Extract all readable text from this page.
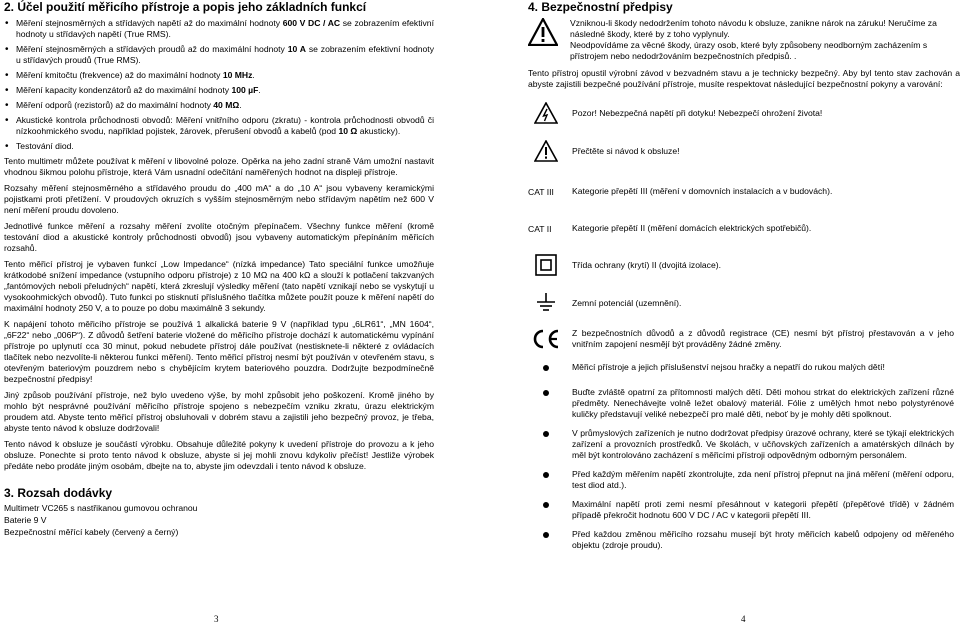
2. Účel použití měřicího přístroje a popis jeho základních funkcí
• Měření stejnosměrných a střídavých napětí až do maximální hodnoty 600 V DC / AC se zobrazením efektivní hodnoty u střídavých napětí (True RMS).
• Měření stejnosměrných a střídavých proudů až do maximální hodnoty 10 A se zobrazením efektivní hodnoty u střídavých proudů (True RMS).
• Měření kmitočtu (frekvence) až do maximální hodnoty 10 MHz.
• Měření kapacity kondenzátorů až do maximální hodnoty 100 µF.
• Měření odporů (rezistorů) až do maximální hodnoty 40 MΩ.
• Akustické kontrola průchodnosti obvodů: Měření vnitřního odporu (zkratu) - kontrola průchodnosti obvodů či nízkoohmického svodu, například pojistek, žárovek, přerušení obvodů a kabelů (pod 10 Ω akusticky).
• Testování diod.

Tento multimetr můžete používat k měření v libovolné poloze. Opěrka na jeho zadní straně Vám umožní nastavit vhodnou šikmou polohu přístroje, která Vám usnadní odečítání naměřených hodnot na displeji přístroje.

Rozsahy měření stejnosměrného a střídavého proudu do „400 mA“ a do „10 A“ jsou vybaveny keramickými pojistkami proti přetížení. V proudových okruzích s vyšším stejnosměrným nebo střídavým napětím než 600 V není měření proudu dovoleno.

Jednotlivé funkce měření a rozsahy měření zvolíte otočným přepínačem. Všechny funkce měření (kromě testování diod a akustické kontroly průchodnosti obvodů) jsou vybaveny automatickým přepínáním měřicích rozsahů.

Tento měřicí přístroj je vybaven funkcí „Low Impedance“ (nízká impedance) Tato speciální funkce umožňuje krátkodobé snížení impedance (vstupního odporu přístroje) z 10 MΩ na 400 kΩ a slouží k potlačení takzvaných „fantómových neboli přeludných“ napětí, která zkreslují výsledky měření (tato napětí vznikají nebo se vyskytují u vysokoohmických obvodů). Tuto funkci po stisknutí příslušného tlačítka můžete použít pouze k měření napětí do maximální hodnoty 250 V, a to pouze po dobu maximálně 3 sekundy.

K napájení tohoto měřicího přístroje se používá 1 alkalická baterie 9 V (například typu „6LR61“, „MN 1604“, „6F22“ nebo „006P“). Z důvodů šetření baterie vložené do měřicího přístroje dochází k automatickému vypínání přístroje po uplynutí cca 30 minut, pokud nebudete přístroj dále používat (nestisknete-li některé z ovládacích tlačítek nebo nezvolíte-li některou funkci měření). Tento měřicí přístroj nesmí být používán v otevřeném stavu, s otevřeným bateriovým pouzdrem nebo s chybějícím krytem bateriového pouzdra. Dodržujte bezpodmínečně bezpečnostní předpisy!

Jiný způsob používání přístroje, než bylo uvedeno výše, by mohl způsobit jeho poškození. Kromě jiného by mohlo být nesprávné používání měřicího přístroje spojeno s nebezpečím vzniku zkratu, úrazu elektrickým proudem atd. Abyste tento měřicí přístroj obsluhovali v dobrém stavu a zajistili jeho bezpečný provoz, je třeba, abyste tento návod k obsluze dodržovali!

Tento návod k obsluze je součástí výrobku. Obsahuje důležité pokyny k uvedení přístroje do provozu a k jeho obsluze. Ponechte si proto tento návod k obsluze, abyste si jej mohli znovu kdykoliv přečíst! Jestliže výrobek předáte nebo prodáte jiným osobám, dbejte na to, abyste jim odevzdali i tento návod k obsluze.

3. Rozsah dodávky

Multimetr VC265 s nastřikanou gumovou ochranou

Baterie 9 V

Bezpečnostní měřící kabely (červený a černý)

3
4. Bezpečnostní předpisy
Vzniknou-li škody nedodržením tohoto návodu k obsluze, zanikne nárok na záruku! Neručíme za následné škody, které by z toho vyplynuly.
Neodpovídáme za věcné škody, úrazy osob, které byly způsobeny neodborným zacházením s přístrojem nebo nedodržováním bezpečnostních předpisů. .

Tento přístroj opustil výrobní závod v bezvadném stavu a je technicky bezpečný. Aby byl tento stav zachován a abyste zajistili bezpečné používání přístroje, musíte respektovat následující bezpečnostní pokyny a varování:

Pozor! Nebezpečná napětí při dotyku! Nebezpečí ohrožení života!
Přečtěte si návod k obsluze!
CAT III	Kategorie přepětí III (měření v domovních instalacích a v budovách).
CAT II	Kategorie přepětí II (měření domácích elektrických spotřebičů).
Třída ochrany (krytí) II (dvojitá izolace).
Zemní potenciál (uzemnění).
Z bezpečnostních důvodů a z důvodů registrace (CE) nesmí být přístroj přestavován a v jeho vnitřním zapojení nesmějí být prováděny žádné změny.
Měřicí přístroje a jejich příslušenství nejsou hračky a nepatří do rukou malých dětí!
Buďte zvláště opatrní za přítomnosti malých dětí. Děti mohou strkat do elektrických zařízení různé předměty. Nenechávejte volně ležet obalový materiál. Fólie z umělých hmot nebo polystyrénové kuličky představují veliké nebezpečí pro malé děti, neboť by je mohly děti spolknout.
V průmyslových zařízeních je nutno dodržovat předpisy úrazové ochrany, které se týkají elektrických zařízení a provozních prostředků. Ve školách, v učňovských zařízeních a amatérských dílnách by měl být kontrolováno zacházení s měřicími přístroji odpovědným odborným personálem.
Před každým měřením napětí zkontrolujte, zda není přístroj přepnut na jiná měření (měření odporu, test diod atd.).
Maximální napětí proti zemi nesmí přesáhnout v kategorii přepětí (přepěťové třídě) v žádném případě překročit hodnotu 600 V DC / AC v kategorii přepětí III.
Před každou změnou měřicího rozsahu musejí být hroty měřicích kabelů odpojeny od měřeného objektu (zdroje proudu).
4
